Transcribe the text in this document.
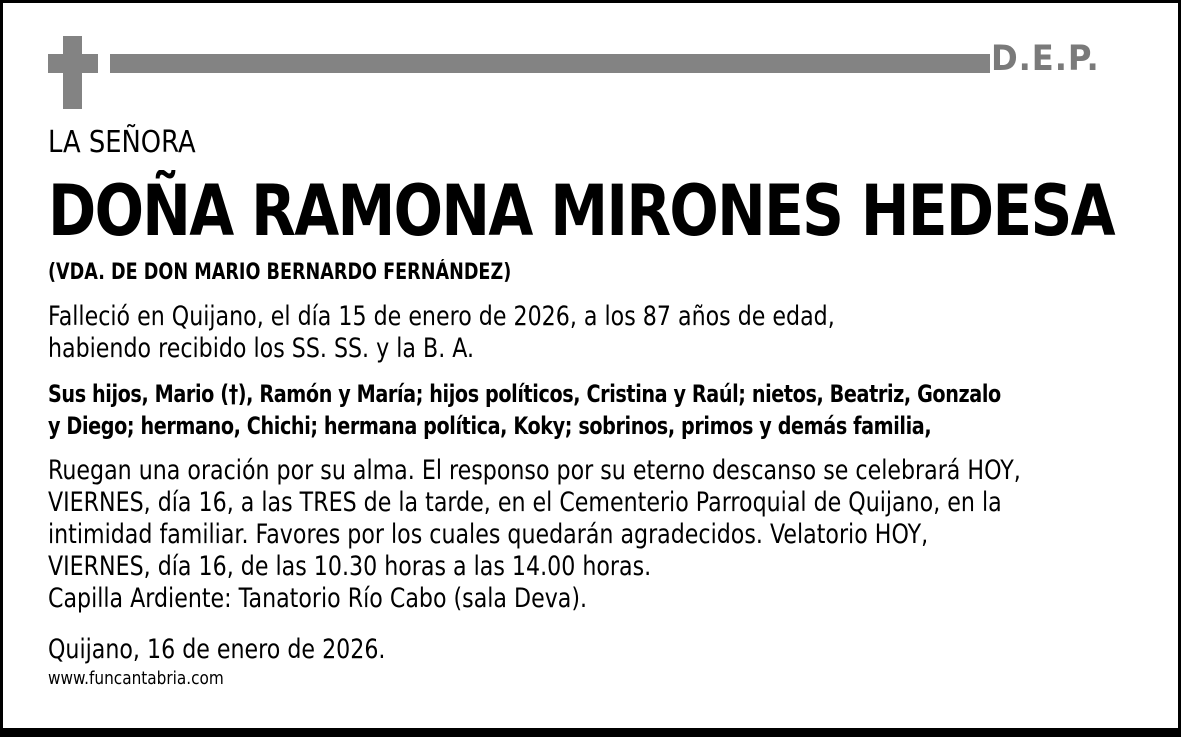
D.E.P.
LA SEÑORA
DOÑA RAMONA MIRONES HEDESA
(VDA. DE DON MARIO BERNARDO FERNÁNDEZ)
Falleció en Quijano, el día 15 de enero de 2026, a los 87 años de edad,
habiendo recibido los SS. SS. y la B. A.
Sus hijos, Mario (†), Ramón y María; hijos políticos, Cristina y Raúl; nietos, Beatriz, Gonzalo
y Diego; hermano, Chichi; hermana política, Koky; sobrinos, primos y demás familia,
Ruegan una oración por su alma. El responso por su eterno descanso se celebrará HOY,
VIERNES, día 16, a las TRES de la tarde, en el Cementerio Parroquial de Quijano, en la
intimidad familiar. Favores por los cuales quedarán agradecidos. Velatorio HOY,
VIERNES, día 16, de las 10.30 horas a las 14.00 horas.
Capilla Ardiente: Tanatorio Río Cabo (sala Deva).
Quijano, 16 de enero de 2026.
www.funcantabria.com
